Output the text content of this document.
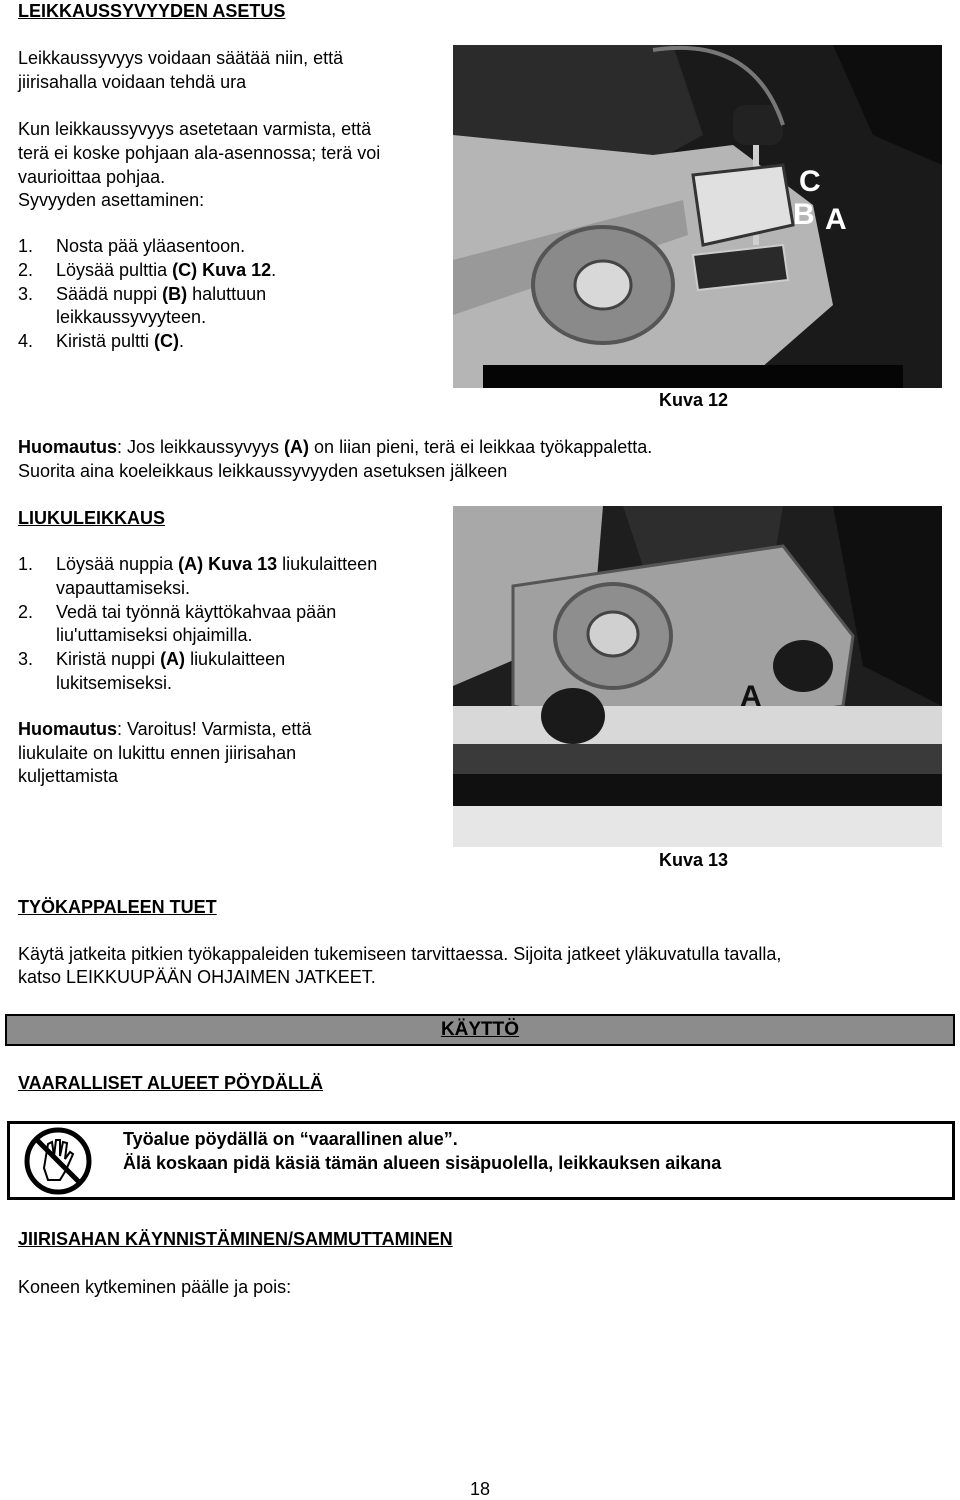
LEIKKAUSSYVYYDEN ASETUS
Leikkaussyvyys voidaan säätää niin, että
jiirisahalla voidaan tehdä ura
Kun leikkaussyvyys asetetaan varmista, että
terä ei koske pohjaan ala-asennossa; terä voi
vaurioittaa pohjaa.
Syvyyden asettaminen:
1. Nosta pää yläasentoon.
2. Löysää pulttia (C) Kuva 12.
3. Säädä nuppi (B) haluttuun
leikkaussyvyyteen.
4. Kiristä pultti (C).
C
B A
Kuva 12
Huomautus: Jos leikkaussyvyys (A) on liian pieni, terä ei leikkaa työkappaletta.
Suorita aina koeleikkaus leikkaussyvyyden asetuksen jälkeen
LIUKULEIKKAUS
1. Löysää nuppia (A) Kuva 13 liukulaitteen
vapauttamiseksi.
2. Vedä tai työnnä käyttökahvaa pään
liu'uttamiseksi ohjaimilla.
3. Kiristä nuppi (A) liukulaitteen
lukitsemiseksi.
Huomautus: Varoitus! Varmista, että
liukulaite on lukittu ennen jiirisahan
kuljettamista
A
Kuva 13
TYÖKAPPALEEN TUET
Käytä jatkeita pitkien työkappaleiden tukemiseen tarvittaessa. Sijoita jatkeet yläkuvatulla tavalla,
katso LEIKKUUPÄÄN OHJAIMEN JATKEET.
KÄYTTÖ
VAARALLISET ALUEET PÖYDÄLLÄ
Työalue pöydällä on “vaarallinen alue”.
Älä koskaan pidä käsiä tämän alueen sisäpuolella, leikkauksen aikana
JIIRISAHAN KÄYNNISTÄMINEN/SAMMUTTAMINEN
Koneen kytkeminen päälle ja pois:
18
